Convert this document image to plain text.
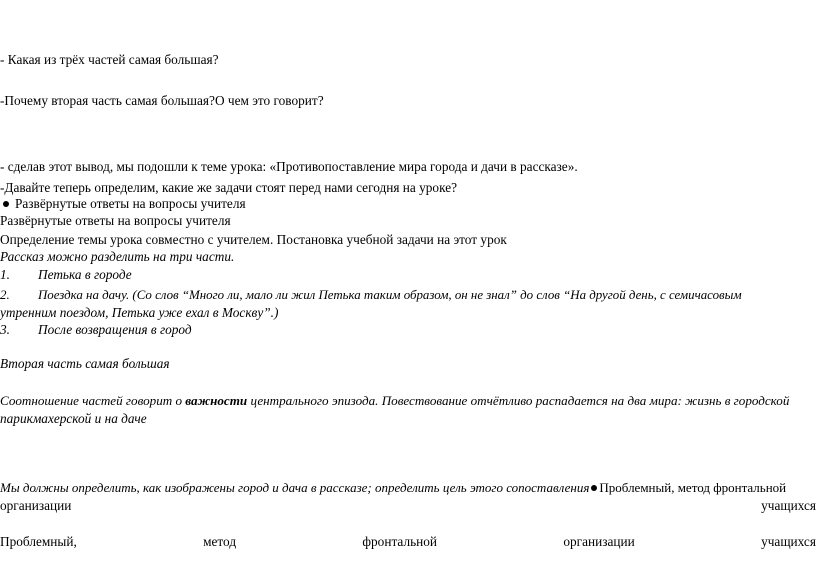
- Какая из трёх частей самая большая?
-Почему вторая часть самая большая?О чем это говорит?
- сделав этот вывод, мы подошли к теме урока: «Противопоставление мира города и дачи в рассказе».
-Давайте теперь определим, какие же задачи стоят перед нами сегодня на уроке?
Развёрнутые ответы на вопросы учителя
Развёрнутые ответы на вопросы учителя
Определение темы урока совместно с учителем. Постановка учебной задачи на этот урок
Рассказ можно разделить на три части.
1. Петька в городе
2. Поездка на дачу. (Со слов “Много ли, мало ли жил Петька таким образом, он не знал” до слов “На другой день, с семичасовым
утренним поездом, Петька уже ехал в Москву”.)
3. После возвращения в город
Вторая часть самая большая
Соотношение частей говорит о важности центрального эпизода. Повествование отчётливо распадается на два мира: жизнь в городской
парикмахерской и на даче
Мы должны определить, как изображены город и дача в рассказе; определить цель этого сопоставления Проблемный, метод фронтальной
организации	учащихся
Проблемный,	метод	фронтальной	организации	учащихся
